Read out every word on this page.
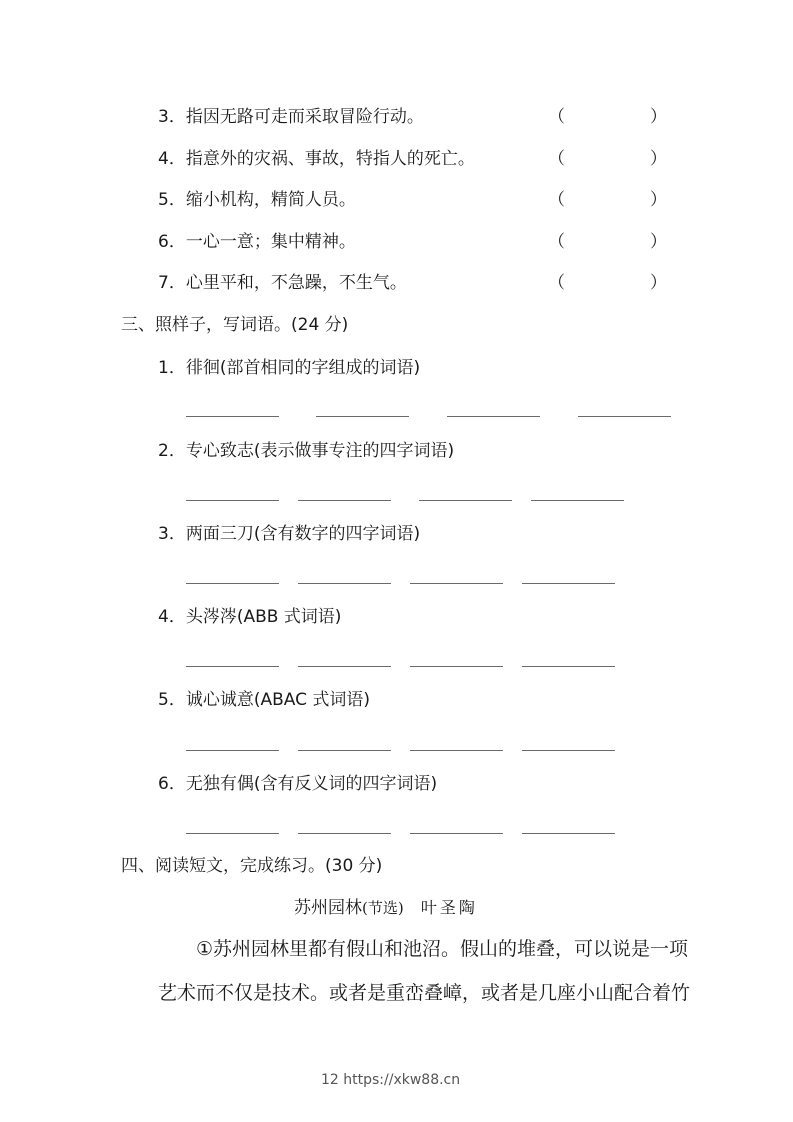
3．指因无路可走而采取冒险行动。	（	）
4．指意外的灾祸、事故，特指人的死亡。	（	）
5．缩小机构，精简人员。	（	）
6．一心一意；集中精神。	（	）
7．心里平和，不急躁，不生气。	（	）
三、照样子，写词语。(24 分)
1．徘徊(部首相同的字组成的词语)
2．专心致志(表示做事专注的四字词语)
3．两面三刀(含有数字的四字词语)
4．头涔涔(ABB 式词语)
5．诚心诚意(ABAC 式词语)
6．无独有偶(含有反义词的四字词语)
四、阅读短文，完成练习。(30 分)
苏州园林(节选) 叶圣陶
①苏州园林里都有假山和池沼。假山的堆叠，可以说是一项
艺术而不仅是技术。或者是重峦叠嶂，或者是几座小山配合着竹
12 https://xkw88.cn
